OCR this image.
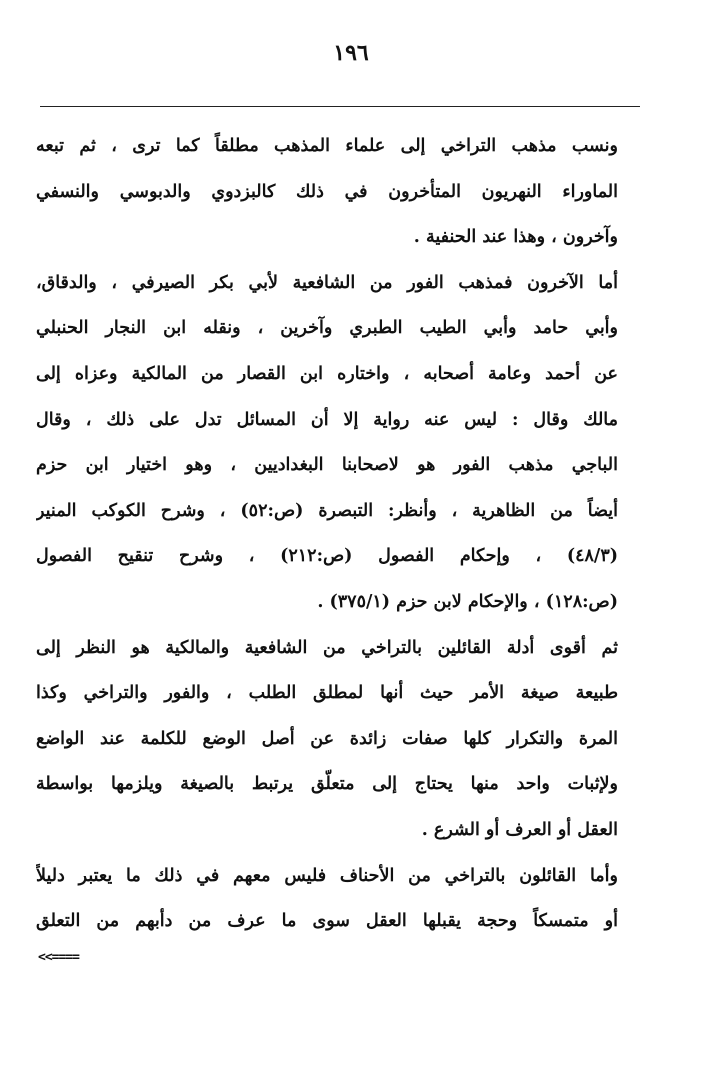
١٩٦
ونسب مذهب التراخي إلى علماء المذهب مطلقاً كما ترى ، ثم تبعه
الماوراء النهريون المتأخرون في ذلك كالبزدوي والدبوسي والنسفي
وآخرون ، وهذا عند الحنفية .
أما الآخرون فمذهب الفور من الشافعية لأبي بكر الصيرفي ، والدقاق،
وأبي حامد وأبي الطيب الطبري وآخرين ، ونقله ابن النجار الحنبلي
عن أحمد وعامة أصحابه ، واختاره ابن القصار من المالكية وعزاه إلى
مالك وقال : ليس عنه رواية إلا أن المسائل تدل على ذلك ، وقال
الباجي مذهب الفور هو لاصحابنا البغداديين ، وهو اختيار ابن حزم
أيضاً من الظاهرية ، وأنظر: التبصرة (ص:٥٢) ، وشرح الكوكب المنير
(٤٨/٣) ، وإحكام الفصول (ص:٢١٢) ، وشرح تنقيح الفصول
(ص:١٢٨) ، والإحكام لابن حزم (٣٧٥/١) .
ثم أقوى أدلة القائلين بالتراخي من الشافعية والمالكية هو النظر إلى
طبيعة صيغة الأمر حيث أنها لمطلق الطلب ، والفور والتراخي وكذا
المرة والتكرار كلها صفات زائدة عن أصل الوضع للكلمة عند الواضع
ولإثبات واحد منها يحتاج إلى متعلّق يرتبط بالصيغة ويلزمها بواسطة
العقل أو العرف أو الشرع .
وأما القائلون بالتراخي من الأحناف فليس معهم في ذلك ما يعتبر دليلاً
أو متمسكاً وحجة يقبلها العقل سوى ما عرف من دأبهم من التعلق
<<====
